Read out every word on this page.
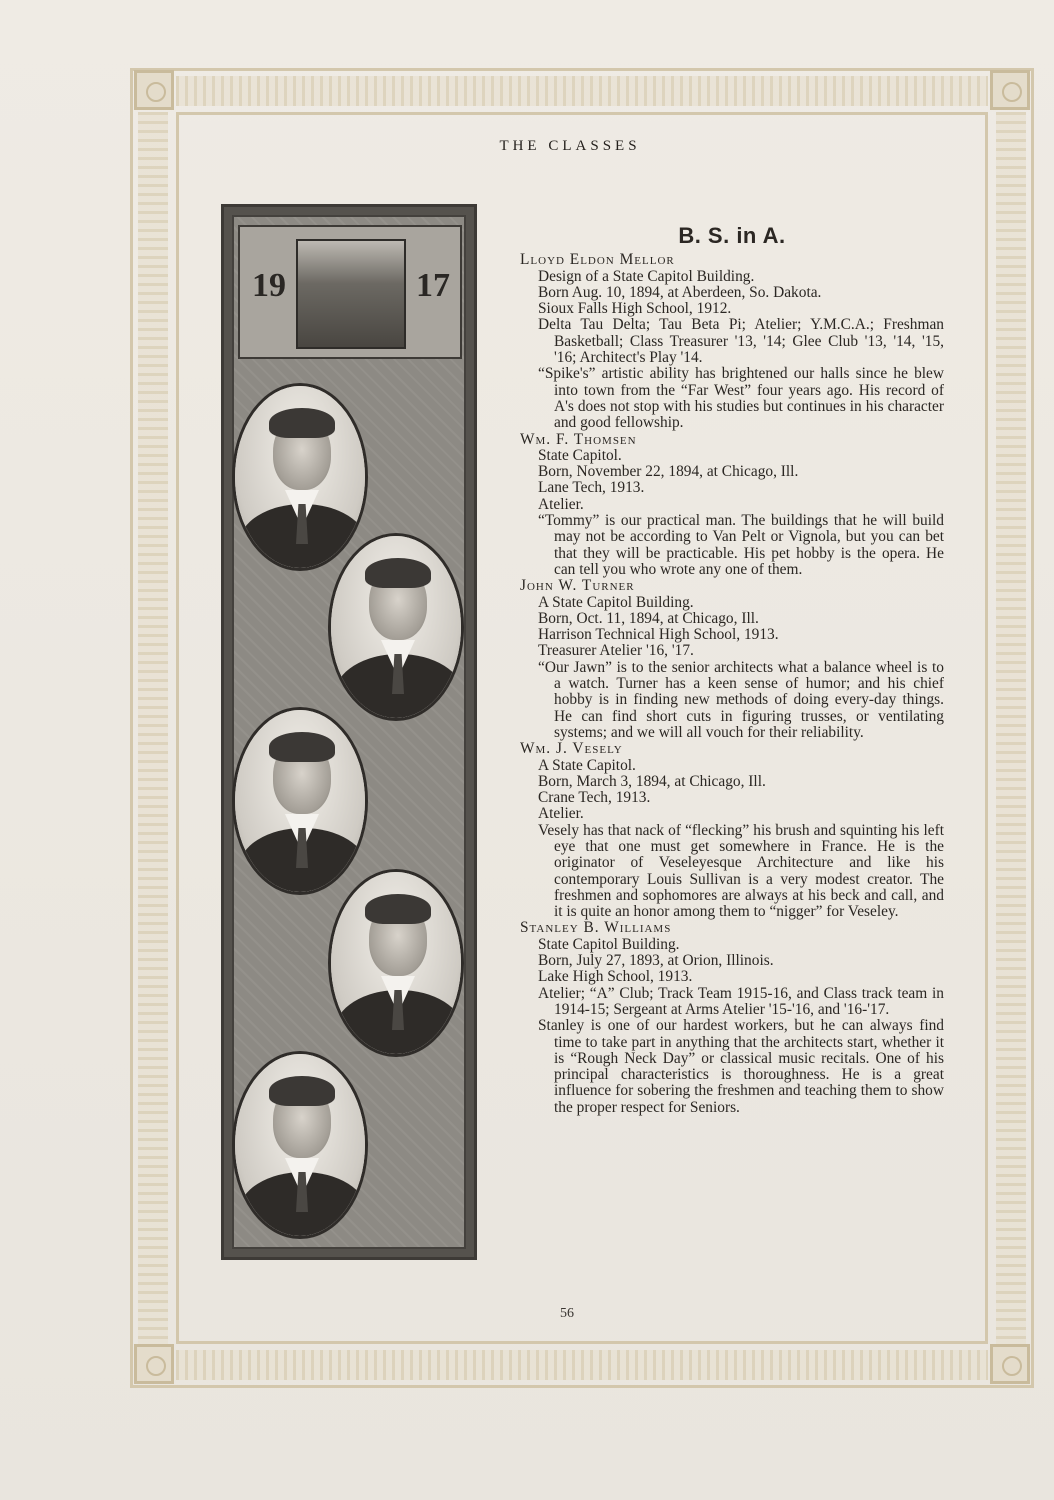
THE CLASSES
19	17
B. S. in A.

Lloyd Eldon Mellor

Design of a State Capitol Building.

Born Aug. 10, 1894, at Aberdeen, So. Dakota.

Sioux Falls High School, 1912.

Delta Tau Delta; Tau Beta Pi; Atelier; Y.M.C.A.; Freshman Basketball; Class Treasurer '13, '14; Glee Club '13, '14, '15, '16; Architect's Play '14.

“Spike's” artistic ability has brightened our halls since he blew into town from the “Far West” four years ago. His record of A's does not stop with his studies but continues in his character and good fellowship.

Wm. F. Thomsen

State Capitol.

Born, November 22, 1894, at Chicago, Ill.

Lane Tech, 1913.

Atelier.

“Tommy” is our practical man. The buildings that he will build may not be according to Van Pelt or Vignola, but you can bet that they will be practicable. His pet hobby is the opera. He can tell you who wrote any one of them.

John W. Turner

A State Capitol Building.

Born, Oct. 11, 1894, at Chicago, Ill.

Harrison Technical High School, 1913.

Treasurer Atelier '16, '17.

“Our Jawn” is to the senior architects what a balance wheel is to a watch. Turner has a keen sense of humor; and his chief hobby is in finding new methods of doing every-day things. He can find short cuts in figuring trusses, or ventilating systems; and we will all vouch for their reliability.

Wm. J. Vesely

A State Capitol.

Born, March 3, 1894, at Chicago, Ill.

Crane Tech, 1913.

Atelier.

Vesely has that nack of “flecking” his brush and squinting his left eye that one must get somewhere in France. He is the originator of Veseleyesque Architecture and like his contemporary Louis Sullivan is a very modest creator. The freshmen and sophomores are always at his beck and call, and it is quite an honor among them to “nigger” for Veseley.

Stanley B. Williams

State Capitol Building.

Born, July 27, 1893, at Orion, Illinois.

Lake High School, 1913.

Atelier; “A” Club; Track Team 1915-16, and Class track team in 1914-15; Sergeant at Arms Atelier '15-'16, and '16-'17.

Stanley is one of our hardest workers, but he can always find time to take part in anything that the architects start, whether it is “Rough Neck Day” or classical music recitals. One of his principal characteristics is thoroughness. He is a great influence for sobering the freshmen and teaching them to show the proper respect for Seniors.

56
